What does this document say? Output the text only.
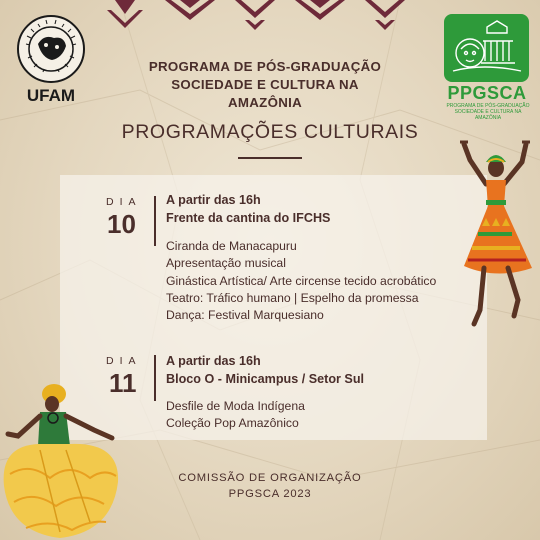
UFAM	PPGSCA
PROGRAMA DE PÓS-GRADUAÇÃO SOCIEDADE E CULTURA NA AMAZÔNIA
PROGRAMA DE PÓS-GRADUAÇÃO
SOCIEDADE E CULTURA NA
AMAZÔNIA
PROGRAMAÇÕES CULTURAIS
DIA
10
A partir das 16h
Frente da cantina do IFCHS
Ciranda de Manacapuru
Apresentação musical
Ginástica Artística/ Arte circense tecido acrobático
Teatro: Tráfico humano | Espelho da promessa
Dança: Festival Marquesiano
DIA
11
A partir das 16h
Bloco O - Minicampus / Setor Sul
Desfile de Moda Indígena
Coleção Pop Amazônico
COMISSÃO DE ORGANIZAÇÃO
PPGSCA 2023
